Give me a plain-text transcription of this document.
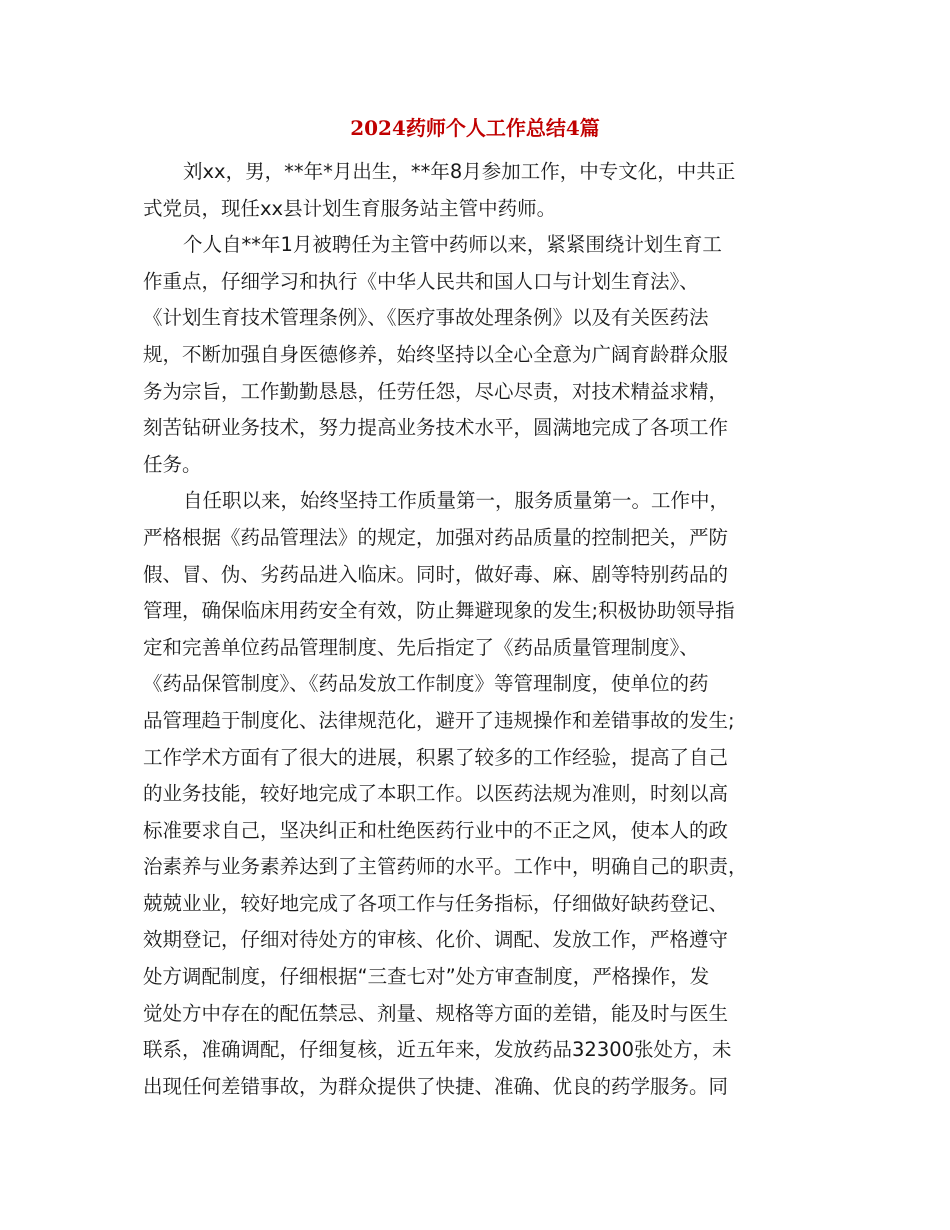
2024药师个人工作总结4篇
刘xx，男，**年*月出生，**年8月参加工作，中专文化，中共正
式党员，现任xx县计划生育服务站主管中药师。
个人自**年1月被聘任为主管中药师以来，紧紧围绕计划生育工
作重点，仔细学习和执行《中华人民共和国人口与计划生育法》、
《计划生育技术管理条例》、《医疗事故处理条例》以及有关医药法
规，不断加强自身医德修养，始终坚持以全心全意为广阔育龄群众服
务为宗旨，工作勤勤恳恳，任劳任怨，尽心尽责，对技术精益求精，
刻苦钻研业务技术，努力提高业务技术水平，圆满地完成了各项工作
任务。
自任职以来，始终坚持工作质量第一，服务质量第一。工作中，
严格根据《药品管理法》的规定，加强对药品质量的控制把关，严防
假、冒、伪、劣药品进入临床。同时，做好毒、麻、剧等特别药品的
管理，确保临床用药安全有效，防止舞避现象的发生;积极协助领导指
定和完善单位药品管理制度、先后指定了《药品质量管理制度》、
《药品保管制度》、《药品发放工作制度》等管理制度，使单位的药
品管理趋于制度化、法律规范化，避开了违规操作和差错事故的发生;
工作学术方面有了很大的进展，积累了较多的工作经验，提高了自己
的业务技能，较好地完成了本职工作。以医药法规为准则，时刻以高
标准要求自己，坚决纠正和杜绝医药行业中的不正之风，使本人的政
治素养与业务素养达到了主管药师的水平。工作中，明确自己的职责，
兢兢业业，较好地完成了各项工作与任务指标，仔细做好缺药登记、
效期登记，仔细对待处方的审核、化价、调配、发放工作，严格遵守
处方调配制度，仔细根据“三查七对”处方审查制度，严格操作，发
觉处方中存在的配伍禁忌、剂量、规格等方面的差错，能及时与医生
联系，准确调配，仔细复核，近五年来，发放药品32300张处方，未
出现任何差错事故，为群众提供了快捷、准确、优良的药学服务。同
